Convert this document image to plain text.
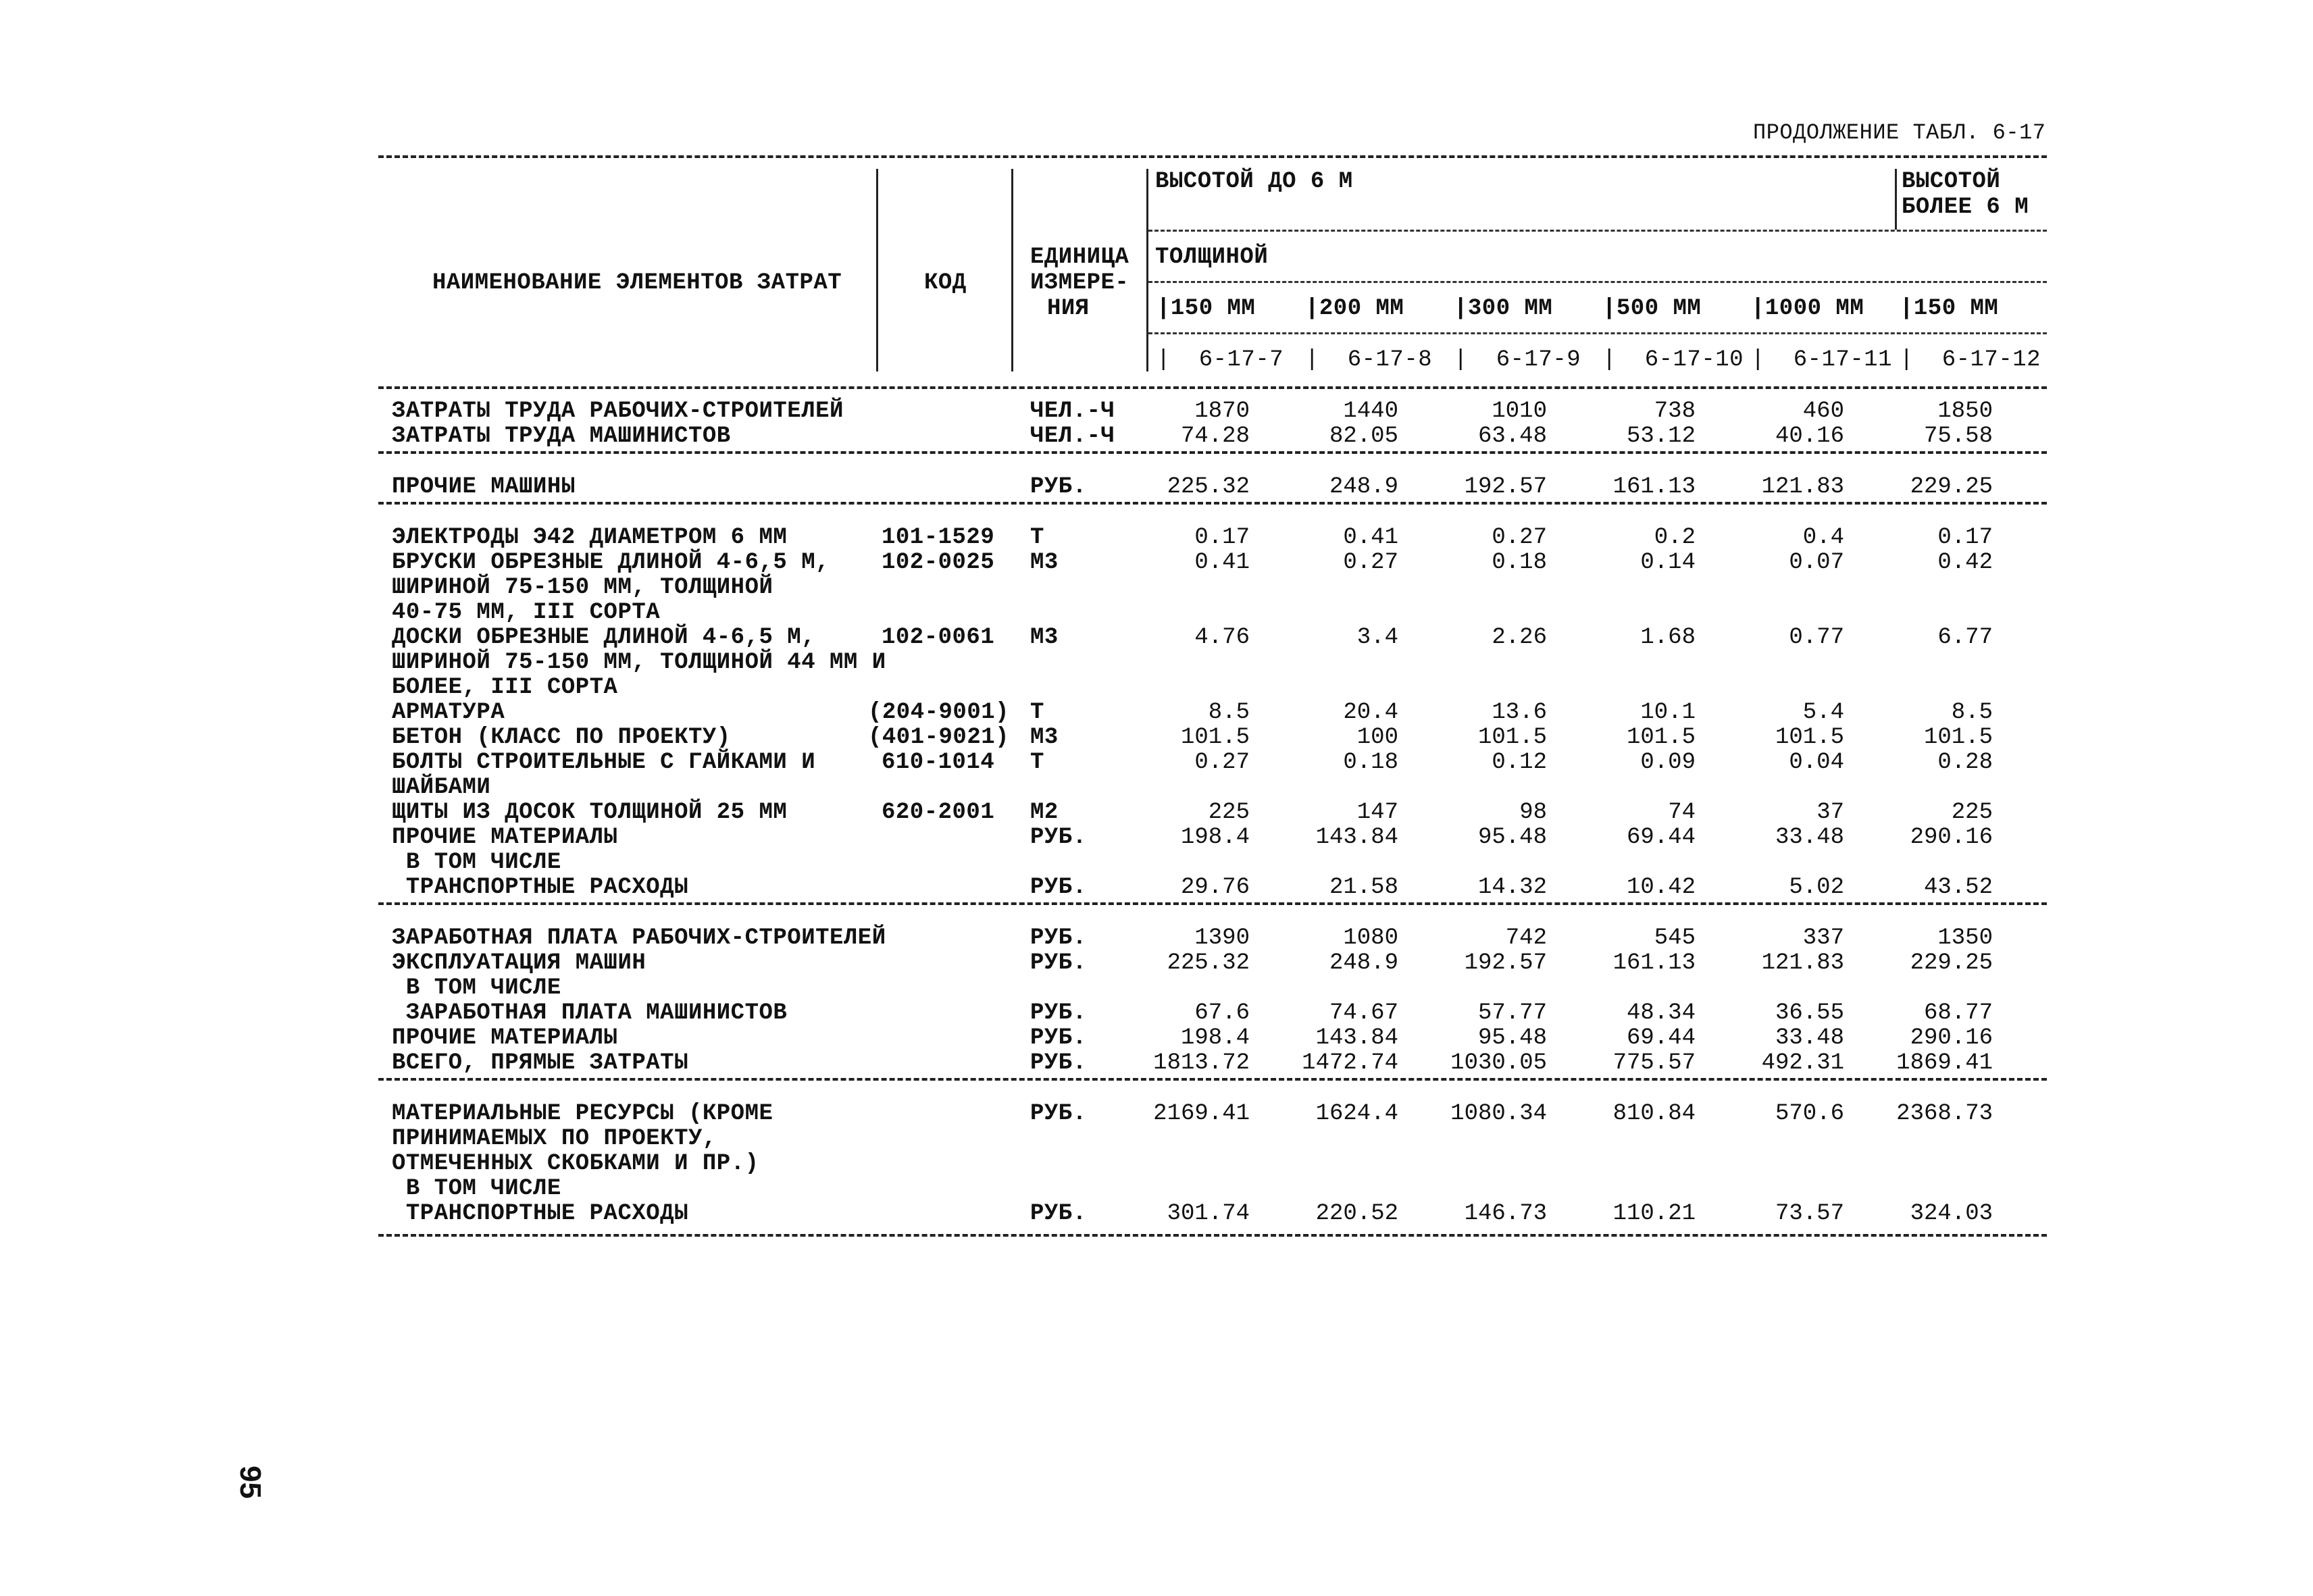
ПРОДОЛЖЕНИЕ ТАБЛ. 6-17
НАИМЕНОВАНИЕ ЭЛЕМЕНТОВ ЗАТРАТ	КОД
ЕДИНИЦА
ИЗМЕРЕ-
НИЯ
ВЫСОТОЙ ДО 6 М	ВЫСОТОЙ
БОЛЕЕ 6 М
ТОЛЩИНОЙ
|150 ММ |200 ММ |300 ММ |500 ММ |1000 ММ |150 ММ
|  6-17-7 |  6-17-8 |  6-17-9 |  6-17-10 |  6-17-11 |  6-17-12
ЗАТРАТЫ ТРУДА РАБОЧИХ-СТРОИТЕЛЕЙ	ЧЕЛ.-Ч	1870	1440	1010	738	460	1850
ЗАТРАТЫ ТРУДА МАШИНИСТОВ	ЧЕЛ.-Ч	74.28	82.05	63.48	53.12	40.16	75.58
ПРОЧИЕ МАШИНЫ	РУБ.	225.32	248.9	192.57	161.13	121.83	229.25
ЭЛЕКТРОДЫ Э42 ДИАМЕТРОМ 6 ММ	101-1529 Т	0.17	0.41	0.27	0.2	0.4	0.17
БРУСКИ ОБРЕЗНЫЕ ДЛИНОЙ 4-6,5 М, 102-0025 М3	0.41	0.27	0.18	0.14	0.07	0.42
ШИРИНОЙ 75-150 ММ, ТОЛЩИНОЙ
40-75 ММ, III СОРТА
ДОСКИ ОБРЕЗНЫЕ ДЛИНОЙ 4-6,5 М,	102-0061 М3	4.76	3.4	2.26	1.68	0.77	6.77
ШИРИНОЙ 75-150 ММ, ТОЛЩИНОЙ 44 ММ И
БОЛЕЕ, III СОРТА
АРМАТУРА	(204-9001) Т	8.5	20.4	13.6	10.1	5.4	8.5
БЕТОН (КЛАСС ПО ПРОЕКТУ)	(401-9021) М3	101.5	100	101.5	101.5	101.5	101.5
БОЛТЫ СТРОИТЕЛЬНЫЕ С ГАЙКАМИ И	610-1014 Т	0.27	0.18	0.12	0.09	0.04	0.28
ШАЙБАМИ
ЩИТЫ ИЗ ДОСОК ТОЛЩИНОЙ 25 ММ	620-2001 М2	225	147	98	74	37	225
ПРОЧИЕ МАТЕРИАЛЫ	РУБ.	198.4	143.84	95.48	69.44	33.48	290.16
В ТОМ ЧИСЛЕ
ТРАНСПОРТНЫЕ РАСХОДЫ	РУБ.	29.76	21.58	14.32	10.42	5.02	43.52
ЗАРАБОТНАЯ ПЛАТА РАБОЧИХ-СТРОИТЕЛЕЙ	РУБ.	1390	1080	742	545	337	1350
ЭКСПЛУАТАЦИЯ МАШИН	РУБ.	225.32	248.9	192.57	161.13	121.83	229.25
В ТОМ ЧИСЛЕ
ЗАРАБОТНАЯ ПЛАТА МАШИНИСТОВ	РУБ.	67.6	74.67	57.77	48.34	36.55	68.77
ПРОЧИЕ МАТЕРИАЛЫ	РУБ.	198.4	143.84	95.48	69.44	33.48	290.16
ВСЕГО, ПРЯМЫЕ ЗАТРАТЫ	РУБ.	1813.72	1472.74	1030.05	775.57	492.31	1869.41
МАТЕРИАЛЬНЫЕ РЕСУРСЫ (КРОМЕ	РУБ.	2169.41	1624.4	1080.34	810.84	570.6	2368.73
ПРИНИМАЕМЫХ ПО ПРОЕКТУ,
ОТМЕЧЕННЫХ СКОБКАМИ И ПР.)
В ТОМ ЧИСЛЕ
ТРАНСПОРТНЫЕ РАСХОДЫ	РУБ.	301.74	220.52	146.73	110.21	73.57	324.03
95
